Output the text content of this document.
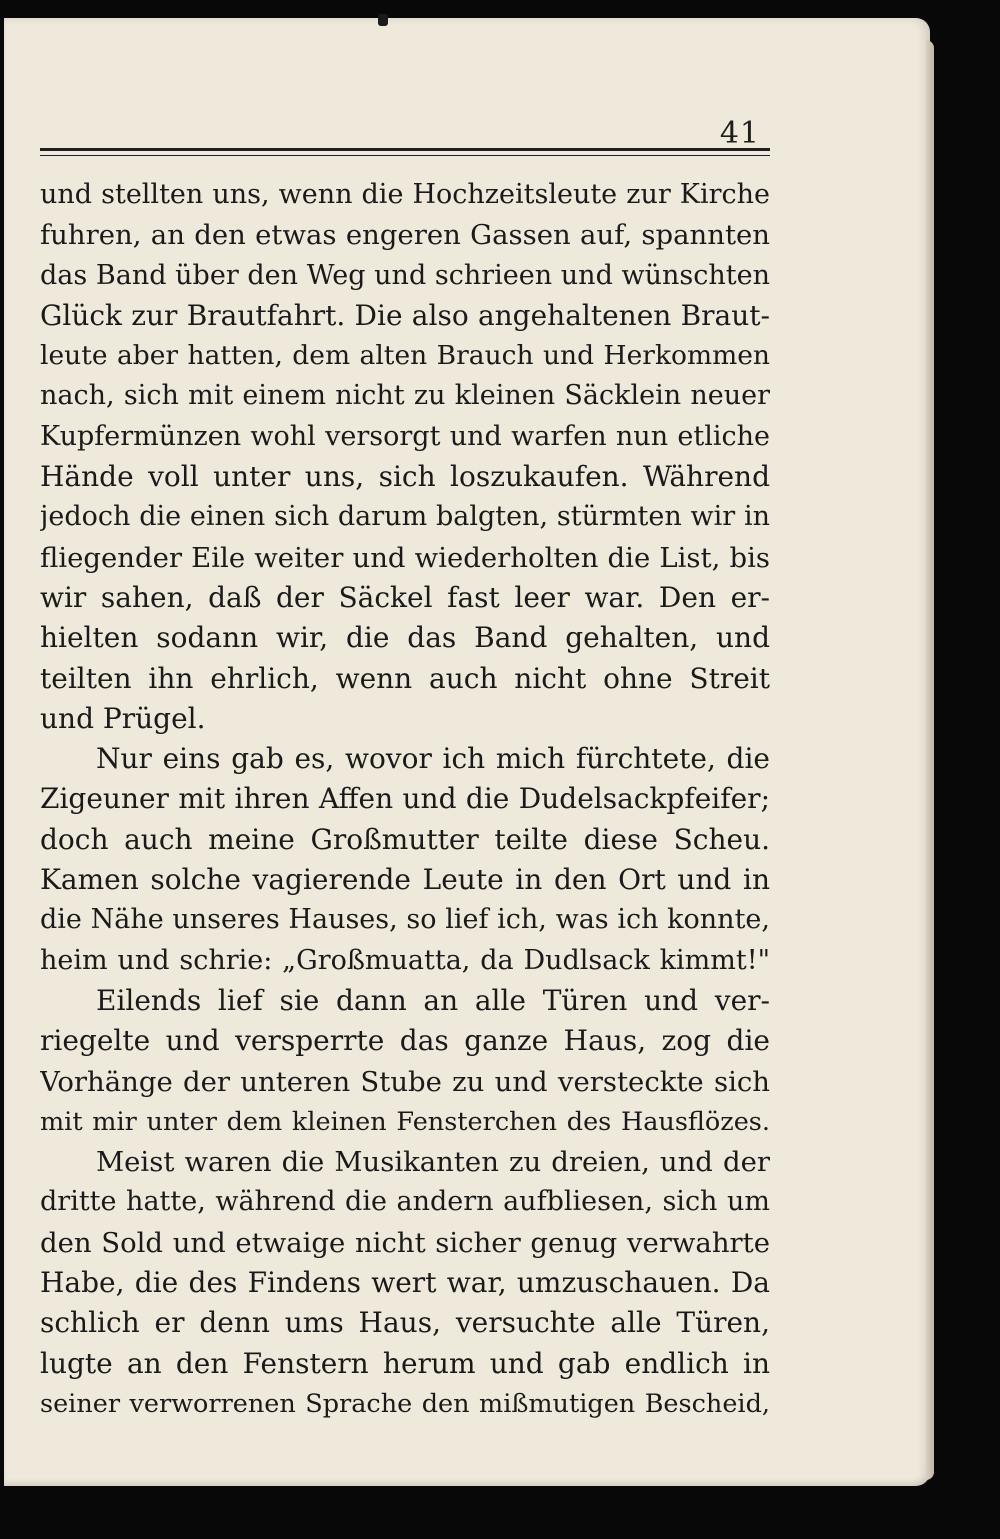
41
und stellten uns, wenn die Hochzeitsleute zur Kirche
fuhren, an den etwas engeren Gassen auf, spannten
das Band über den Weg und schrieen und wünschten
Glück zur Brautfahrt. Die also angehaltenen Braut-
leute aber hatten, dem alten Brauch und Herkommen
nach, sich mit einem nicht zu kleinen Säcklein neuer
Kupfermünzen wohl versorgt und warfen nun etliche
Hände voll unter uns, sich loszukaufen. Während
jedoch die einen sich darum balgten, stürmten wir in
fliegender Eile weiter und wiederholten die List, bis
wir sahen, daß der Säckel fast leer war. Den er-
hielten sodann wir, die das Band gehalten, und
teilten ihn ehrlich, wenn auch nicht ohne Streit
und Prügel.
Nur eins gab es, wovor ich mich fürchtete, die
Zigeuner mit ihren Affen und die Dudelsackpfeifer;
doch auch meine Großmutter teilte diese Scheu.
Kamen solche vagierende Leute in den Ort und in
die Nähe unseres Hauses, so lief ich, was ich konnte,
heim und schrie: „Großmuatta, da Dudlsack kimmt!"
Eilends lief sie dann an alle Türen und ver-
riegelte und versperrte das ganze Haus, zog die
Vorhänge der unteren Stube zu und versteckte sich
mit mir unter dem kleinen Fensterchen des Hausflözes.
Meist waren die Musikanten zu dreien, und der
dritte hatte, während die andern aufbliesen, sich um
den Sold und etwaige nicht sicher genug verwahrte
Habe, die des Findens wert war, umzuschauen. Da
schlich er denn ums Haus, versuchte alle Türen,
lugte an den Fenstern herum und gab endlich in
seiner verworrenen Sprache den mißmutigen Bescheid,
